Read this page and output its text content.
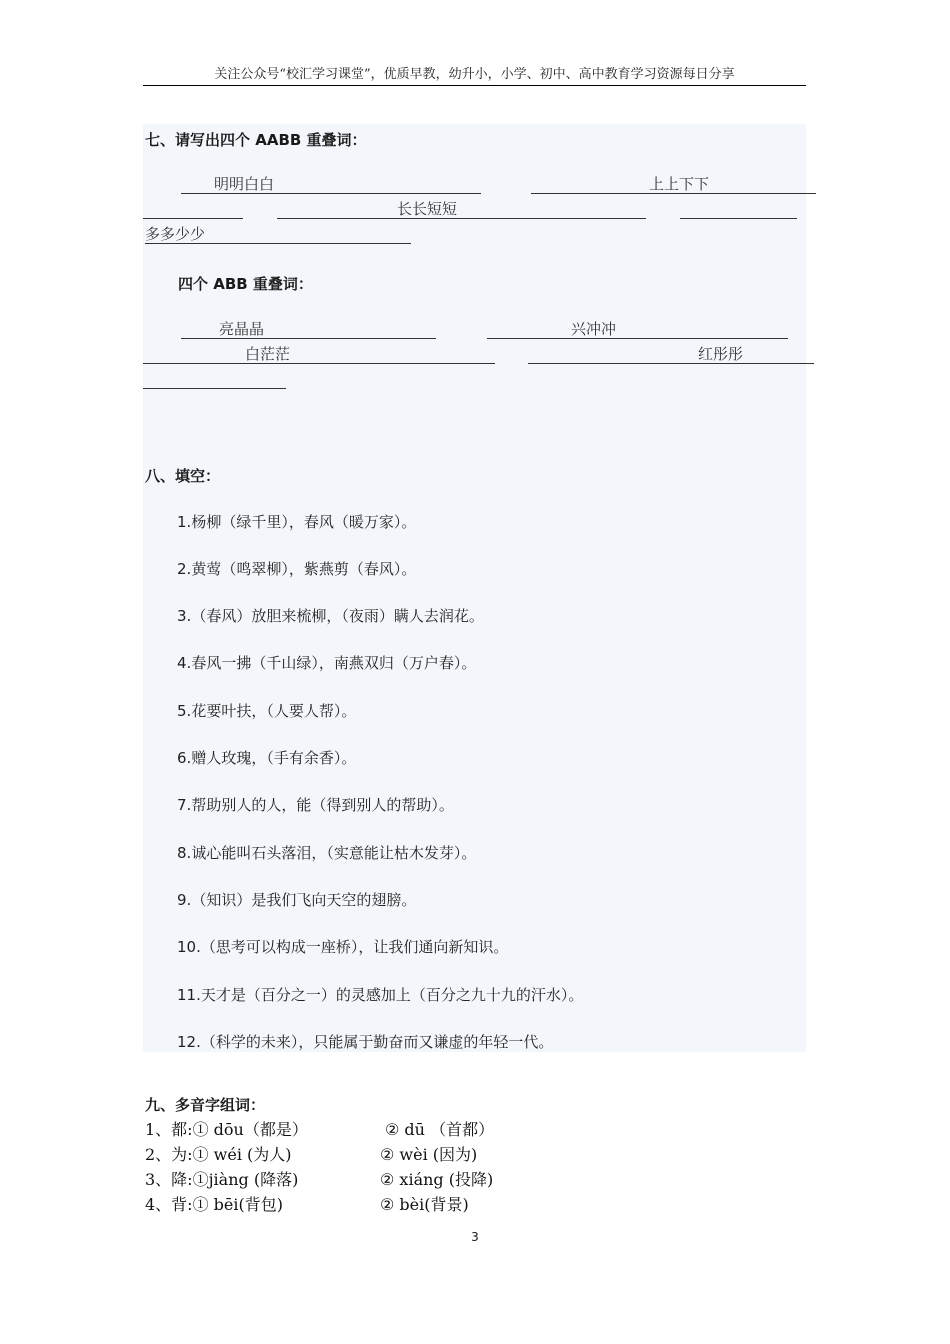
关注公众号“校汇学习课堂”，优质早教，幼升小，小学、初中、高中教育学习资源每日分享
七、请写出四个 AABB 重叠词：
明明白白	上上下下
长长短短
多多少少
四个 ABB 重叠词：
亮晶晶	兴冲冲
白茫茫	红彤彤
八、填空：
1.杨柳（绿千里），春风（暖万家）。
2.黄莺（鸣翠柳），紫燕剪（春风）。
3.（春风）放胆来梳柳，（夜雨）瞒人去润花。
4.春风一拂（千山绿），南燕双归（万户春）。
5.花要叶扶，（人要人帮）。
6.赠人玫瑰，（手有余香）。
7.帮助别人的人，能（得到别人的帮助）。
8.诚心能叫石头落泪，（实意能让枯木发芽）。
9.（知识）是我们飞向天空的翅膀。
10.（思考可以构成一座桥），让我们通向新知识。
11.天才是（百分之一）的灵感加上（百分之九十九的汗水）。
12.（科学的未来），只能属于勤奋而又谦虚的年轻一代。
九、多音字组词：
1、都:① dōu（都是）	② dū （首都）
2、为:① wéi (为人)	② wèi (因为)
3、降:①jiàng (降落)	② xiáng (投降)
4、背:① bēi(背包)	② bèi(背景)
3
